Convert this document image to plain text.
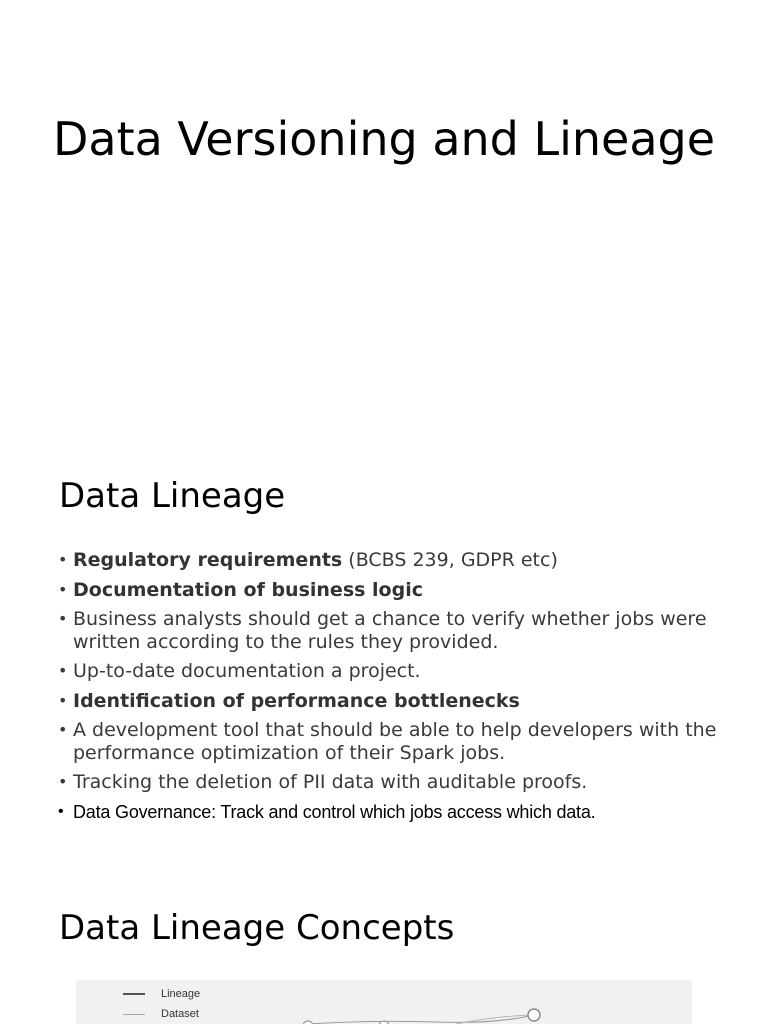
Data Versioning and Lineage
Data Lineage
• Regulatory requirements (BCBS 239, GDPR etc)
• Documentation of business logic
• Business analysts should get a chance to verify whether jobs were written according to the rules they provided.
• Up-to-date documentation a project.
• Identification of performance bottlenecks
• A development tool that should be able to help developers with the performance optimization of their Spark jobs.
• Tracking the deletion of PII data with auditable proofs.
• Data Governance: Track and control which jobs access which data.
Data Lineage Concepts
Lineage
Dataset
